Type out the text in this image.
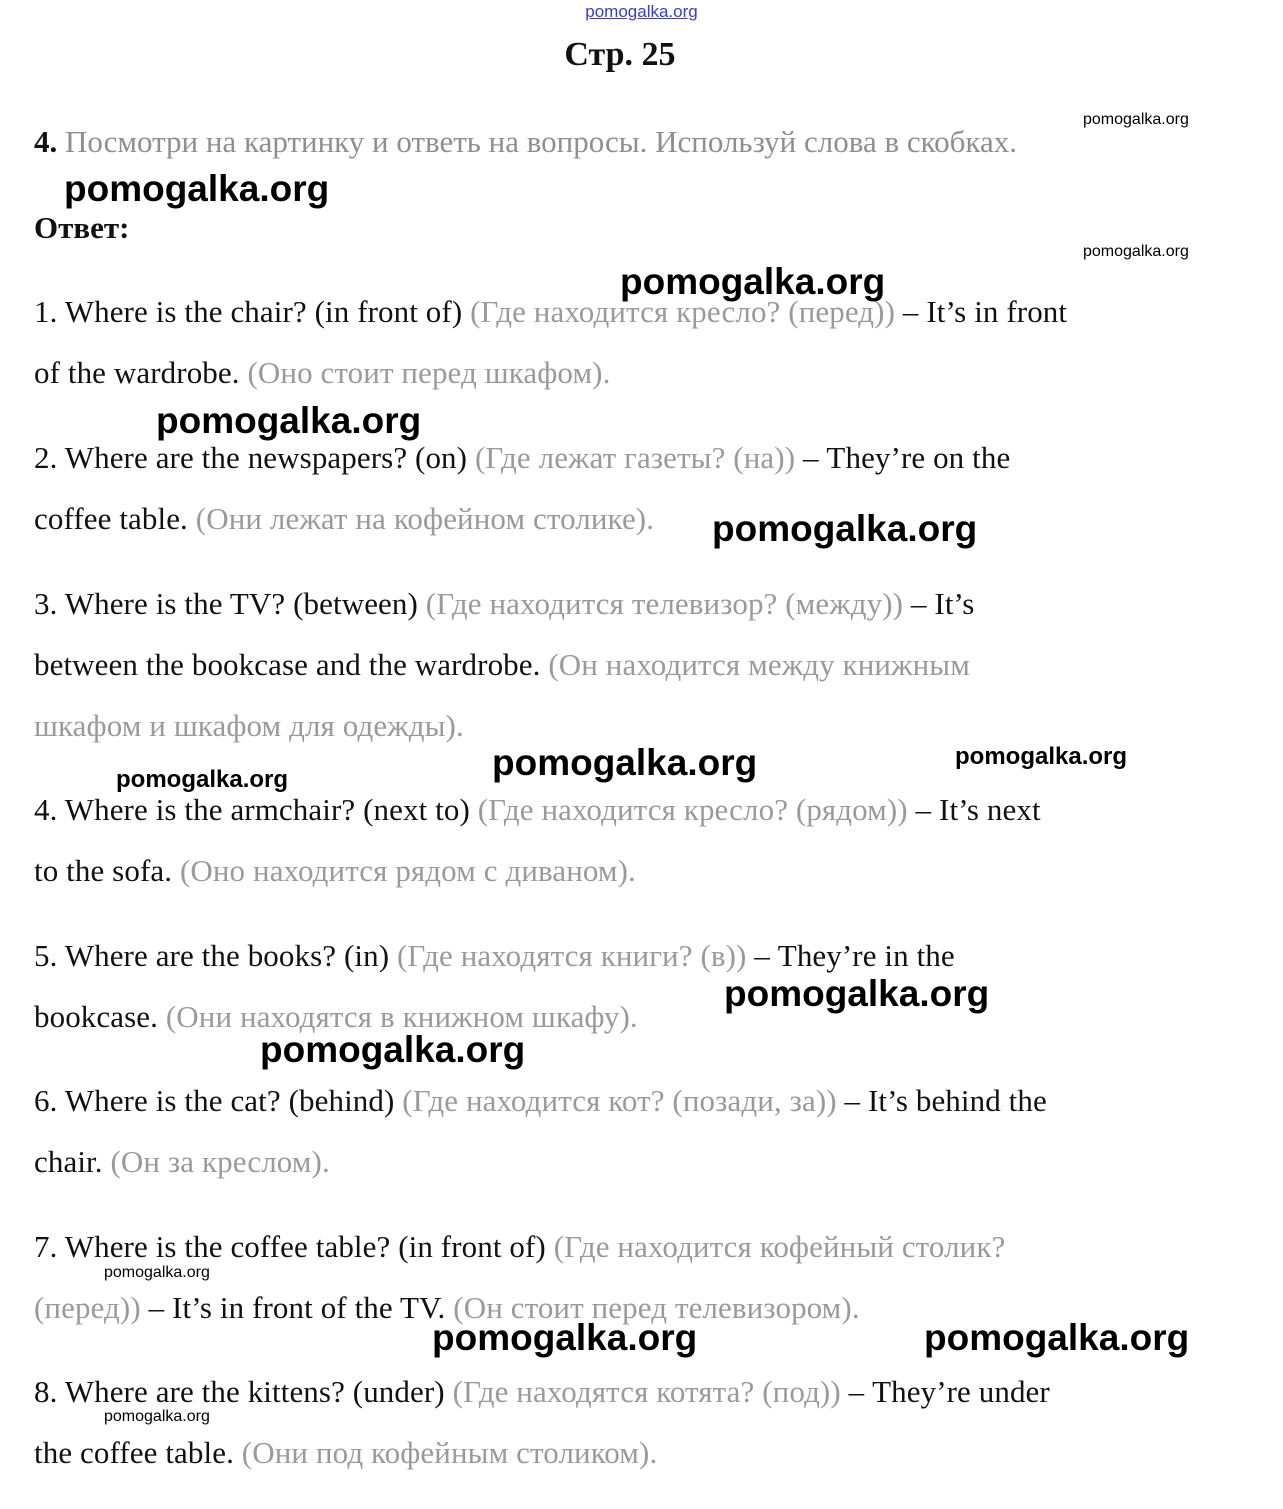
pomogalka.org
Стр. 25
4. Посмотри на картинку и ответь на вопросы. Используй слова в скобках.
Ответ:
1. Where is the chair? (in front of) (Где находится кресло? (перед)) – It’s in front
of the wardrobe. (Оно стоит перед шкафом).
2. Where are the newspapers? (on) (Где лежат газеты? (на)) – They’re on the
coffee table. (Они лежат на кофейном столике).
3. Where is the TV? (between) (Где находится телевизор? (между)) – It’s
between the bookcase and the wardrobe. (Он находится между книжным
шкафом и шкафом для одежды).
4. Where is the armchair? (next to) (Где находится кресло? (рядом)) – It’s next
to the sofa. (Оно находится рядом с диваном).
5. Where are the books? (in) (Где находятся книги? (в)) – They’re in the
bookcase. (Они находятся в книжном шкафу).
6. Where is the cat? (behind) (Где находится кот? (позади, за)) – It’s behind the
chair. (Он за креслом).
7. Where is the coffee table? (in front of) (Где находится кофейный столик?
(перед)) – It’s in front of the TV. (Он стоит перед телевизором).
8. Where are the kittens? (under) (Где находятся котята? (под)) – They’re under
the coffee table. (Они под кофейным столиком).
pomogalka.org
pomogalka.org
pomogalka.org
pomogalka.org
pomogalka.org
pomogalka.org
pomogalka.org	pomogalka.org
pomogalka.org
pomogalka.org
pomogalka.org
pomogalka.org
pomogalka.org	pomogalka.org
pomogalka.org
